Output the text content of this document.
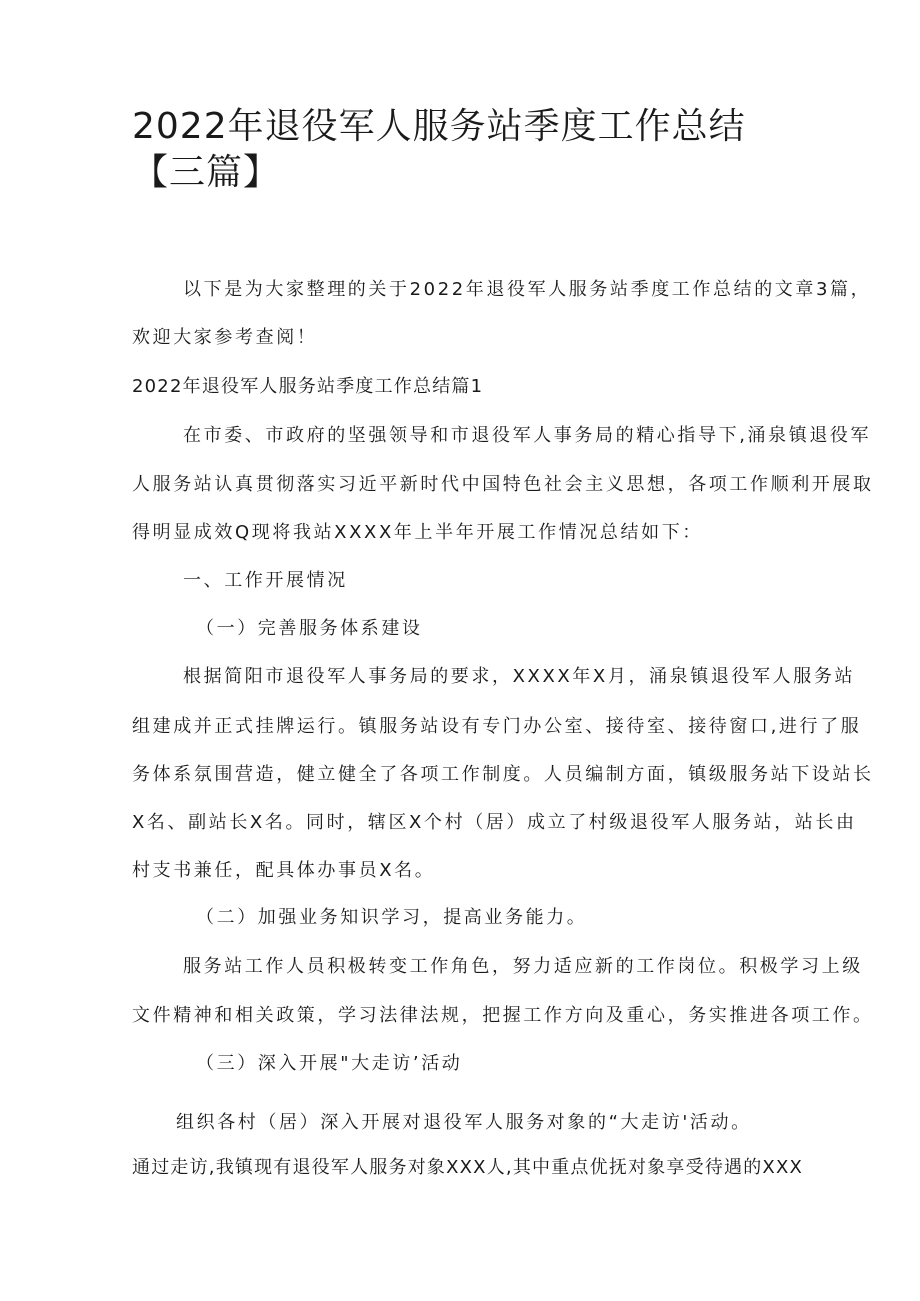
2022年退役军人服务站季度工作总结【三篇】
以下是为大家整理的关于2022年退役军人服务站季度工作总结的文章3篇，
欢迎大家参考查阅！
2022年退役军人服务站季度工作总结篇1
在市委、市政府的坚强领导和市退役军人事务局的精心指导下,涌泉镇退役军
人服务站认真贯彻落实习近平新时代中国特色社会主义思想，各项工作顺利开展取
得明显成效Q现将我站XXXX年上半年开展工作情况总结如下：
一、工作开展情况
（一）完善服务体系建设
根据简阳市退役军人事务局的要求，XXXX年X月，涌泉镇退役军人服务站
组建成并正式挂牌运行。镇服务站设有专门办公室、接待室、接待窗口,进行了服
务体系氛围营造，健立健全了各项工作制度。人员编制方面，镇级服务站下设站长
X名、副站长X名。同时，辖区X个村（居）成立了村级退役军人服务站，站长由
村支书兼任，配具体办事员X名。
（二）加强业务知识学习，提高业务能力。
服务站工作人员积极转变工作角色，努力适应新的工作岗位。积极学习上级
文件精神和相关政策，学习法律法规，把握工作方向及重心，务实推进各项工作。
（三）深入开展"大走访’活动
组织各村（居）深入开展对退役军人服务对象的“大走访'活动。
通过走访,我镇现有退役军人服务对象XXX人,其中重点优抚对象享受待遇的XXX
